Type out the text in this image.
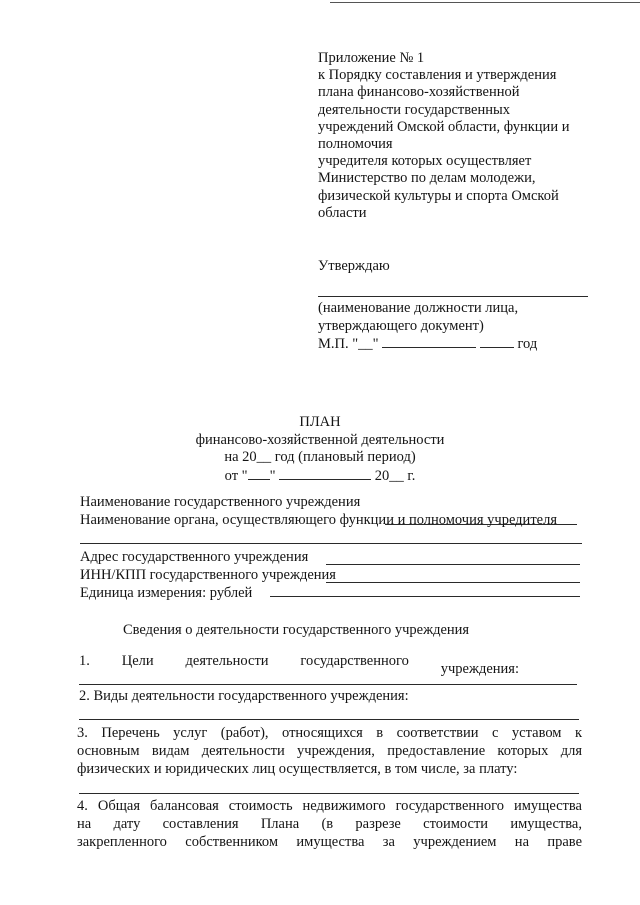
Приложение № 1
к Порядку составления и утверждения
плана финансово-хозяйственной
деятельности государственных
учреждений Омской области, функции и
полномочия
учредителя которых осуществляет
Министерство по делам молодежи,
физической культуры и спорта Омской
области
Утверждаю
(наименование должности лица,
утверждающего документ)
М.П. "__"	год
ПЛАН
финансово-хозяйственной деятельности
на 20__ год (плановый период)
от " "	20__ г.
Наименование государственного учреждения
Наименование органа, осуществляющего функции и полномочия учредителя
Адрес государственного учреждения
ИНН/КПП государственного учреждения
Единица измерения: рублей
Сведения о деятельности государственного учреждения
1. Цели деятельности государственного учреждения:
2. Виды деятельности государственного учреждения:
3. Перечень услуг (работ), относящихся в соответствии с уставом к
основным видам деятельности учреждения, предоставление которых для
физических и юридических лиц осуществляется, в том числе, за плату:
4. Общая балансовая стоимость недвижимого государственного имущества
на дату составления Плана (в разрезе стоимости имущества,
закрепленного собственником имущества за учреждением на праве
